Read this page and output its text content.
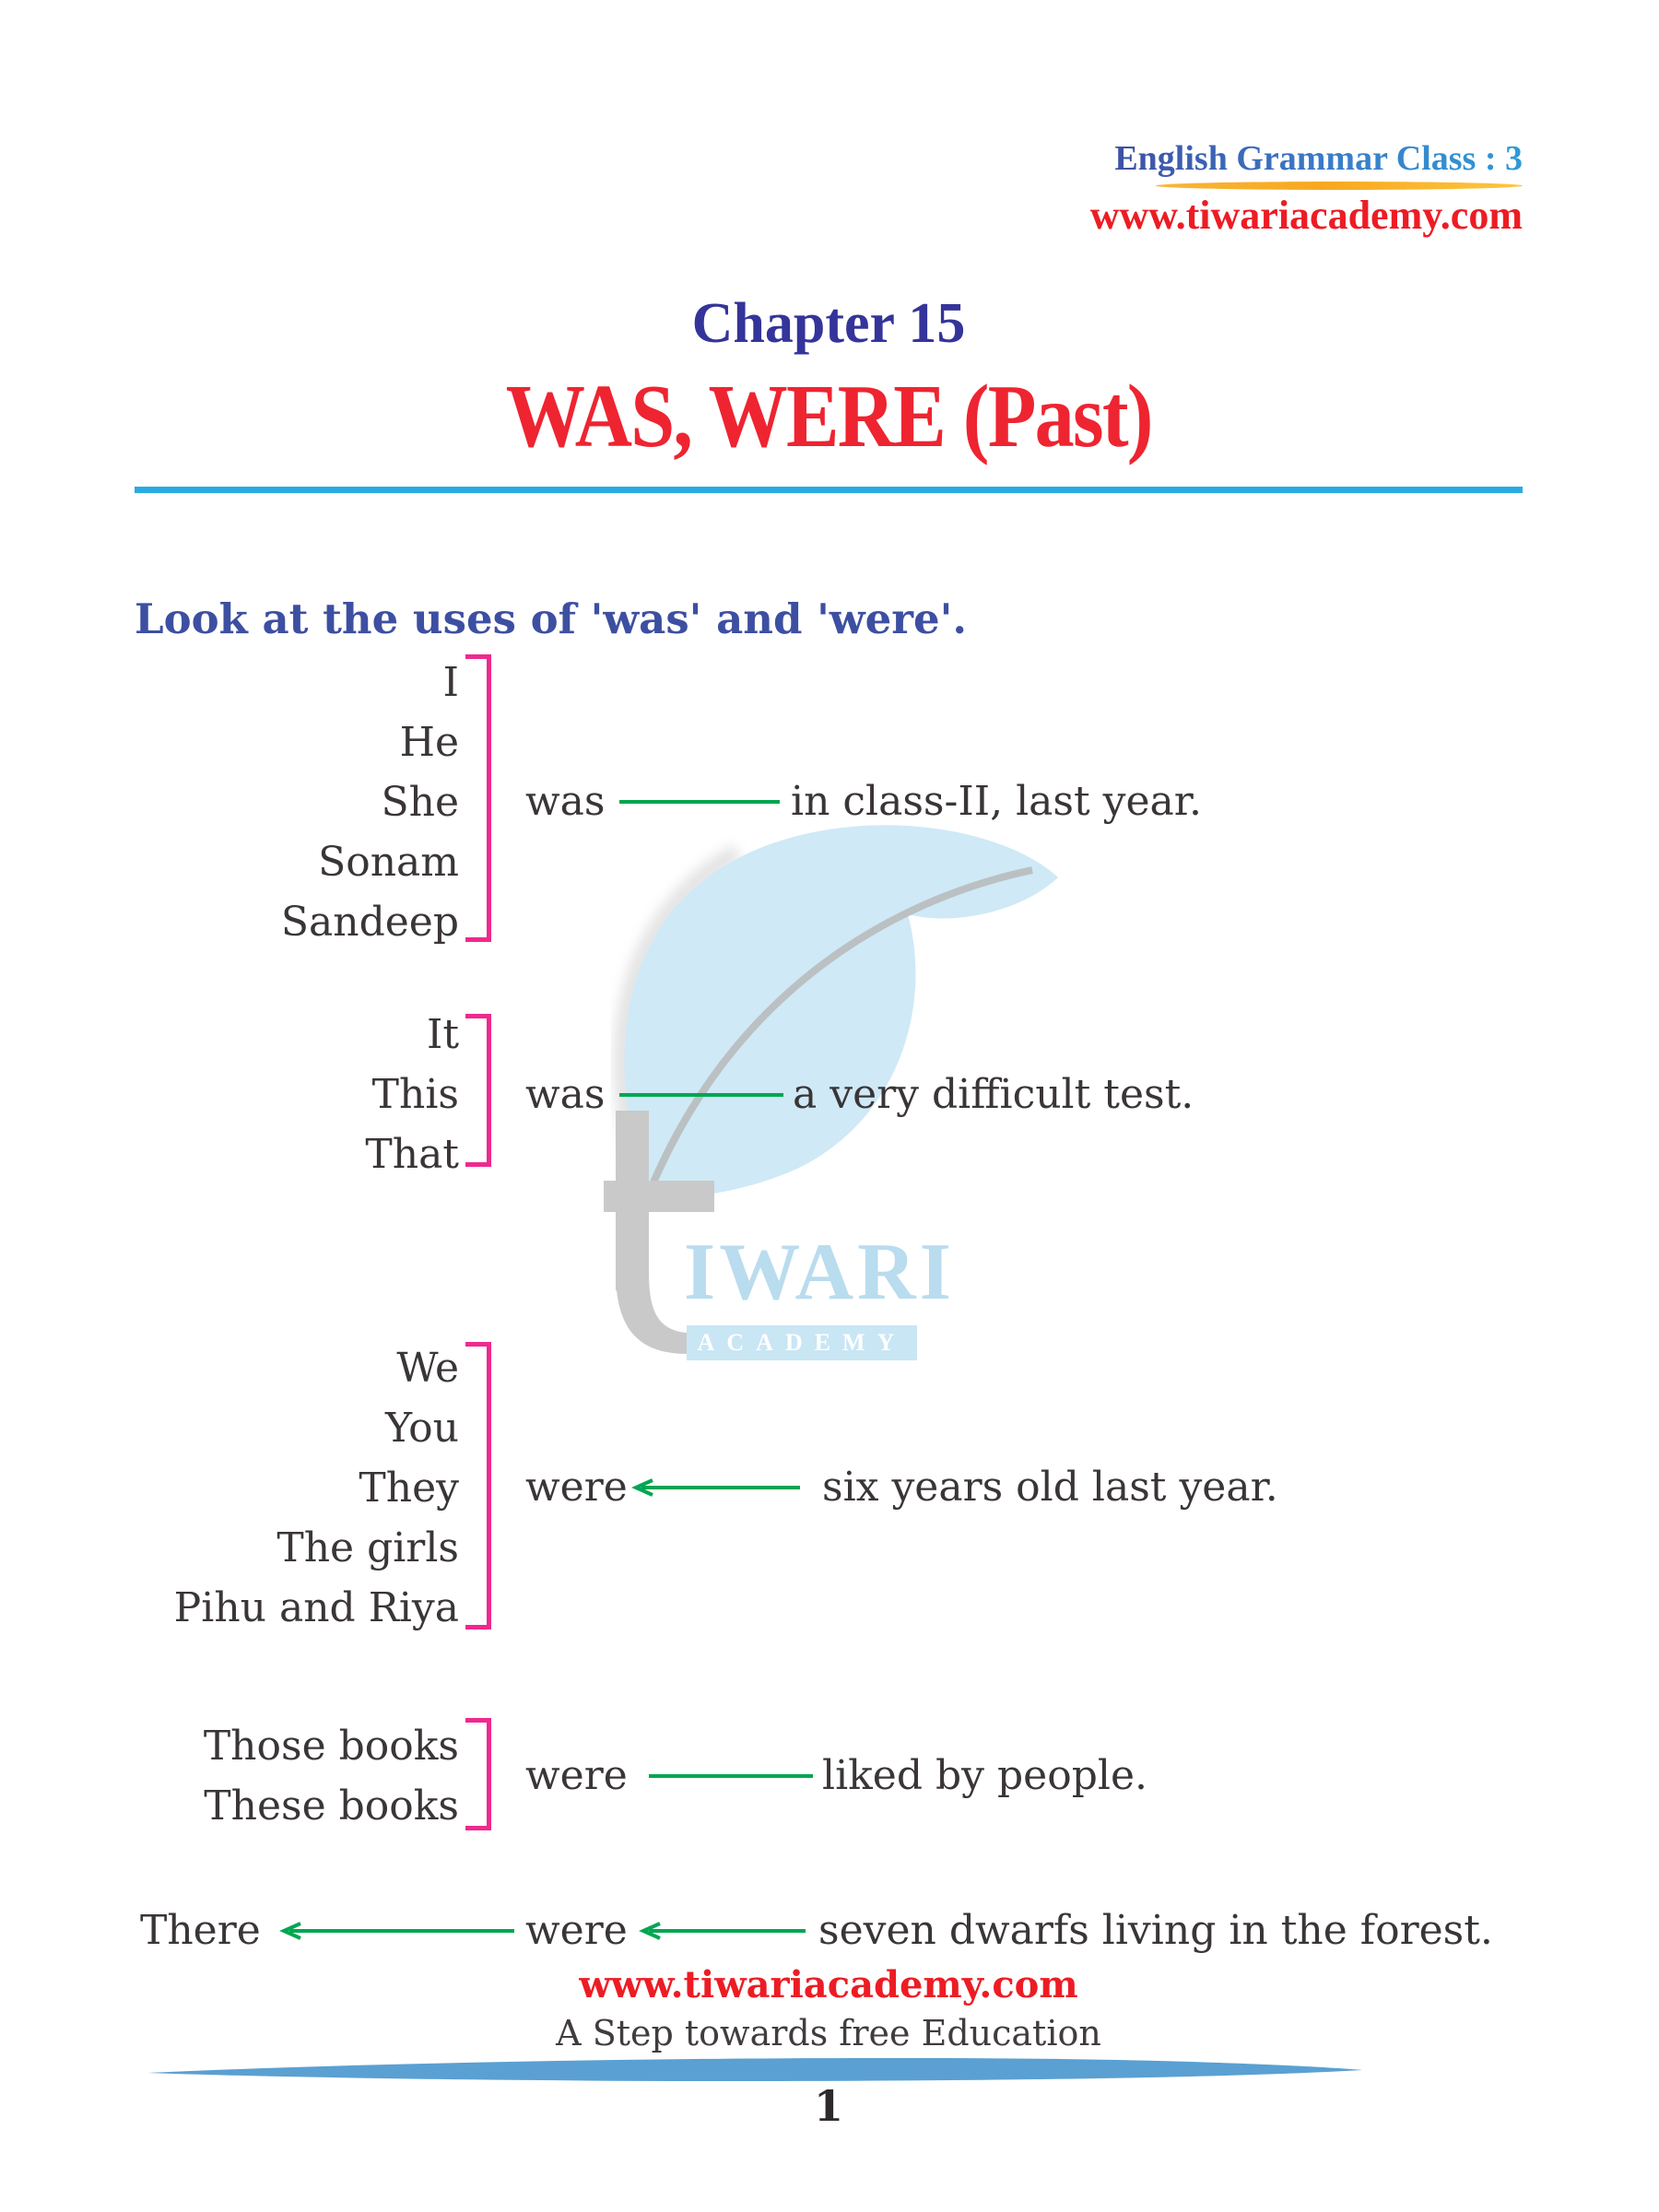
IWARI
ACADEMY
English Grammar Class : 3
www.tiwariacademy.com
Chapter 15
WAS, WERE (Past)
Look at the uses of 'was' and 'were'.
I
He
She
Sonam
Sandeep
was	in class-II, last year.
It
This
That
was	a very difficult test.
We
You
They
The girls
Pihu and Riya
were	six years old last year.
Those books
These books
were	liked by people.
There	were	seven dwarfs living in the forest.
www.tiwariacademy.com
A Step towards free Education
1
